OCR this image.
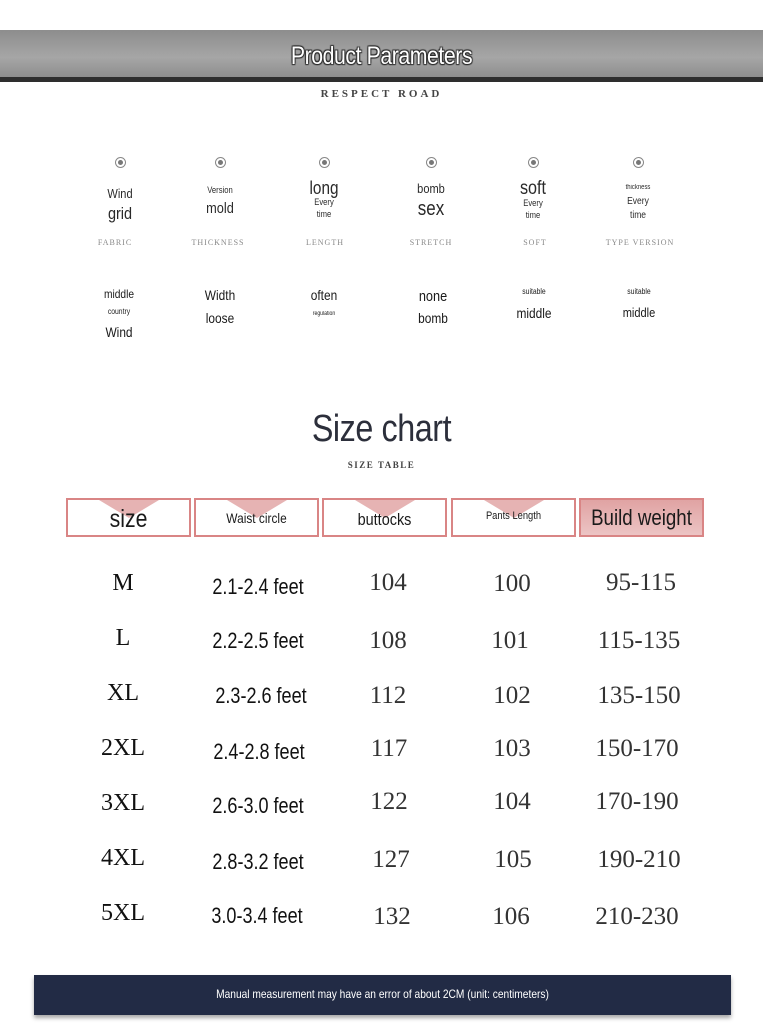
Product Parameters
RESPECT ROAD
Wind
grid
FABRIC
Version
mold
THICKNESS
long
Every
time
LENGTH
bomb
sex
STRETCH
soft
Every
time
SOFT
thickness
Every
time
TYPE VERSION
middle
country
Wind
Width
loose
often
regulation
none
bomb
suitable
middle
suitable
middle
Size chart
SIZE TABLE
size	Waist circle	buttocks	Pants Length	Build weight
M	2.1-2.4 feet	104	100	95-115
L	2.2-2.5 feet	108	101	115-135
XL	2.3-2.6 feet	112	102	135-150
2XL	2.4-2.8 feet	117	103	150-170
3XL	2.6-3.0 feet	122	104	170-190
4XL	2.8-3.2 feet	127	105	190-210
5XL	3.0-3.4 feet	132	106	210-230
Manual measurement may have an error of about 2CM (unit: centimeters)
